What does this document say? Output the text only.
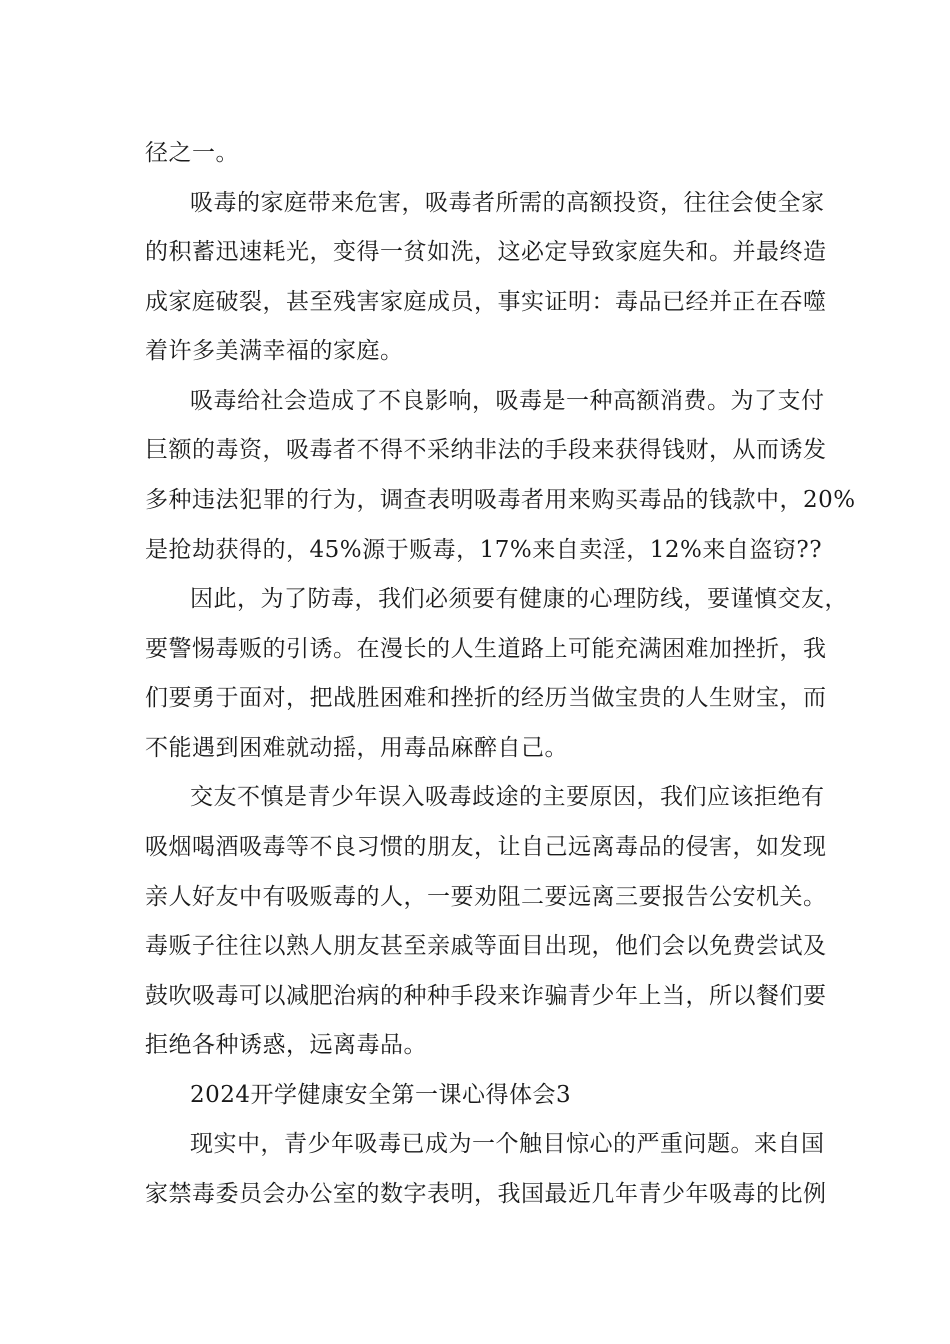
径之一。
吸毒的家庭带来危害，吸毒者所需的高额投资，往往会使全家
的积蓄迅速耗光，变得一贫如洗，这必定导致家庭失和。并最终造
成家庭破裂，甚至残害家庭成员，事实证明：毒品已经并正在吞噬
着许多美满幸福的家庭。
吸毒给社会造成了不良影响，吸毒是一种高额消费。为了支付
巨额的毒资，吸毒者不得不采纳非法的手段来获得钱财，从而诱发
多种违法犯罪的行为，调查表明吸毒者用来购买毒品的钱款中，20%
是抢劫获得的，45%源于贩毒，17%来自卖淫，12%来自盗窃??
因此，为了防毒，我们必须要有健康的心理防线，要谨慎交友，
要警惕毒贩的引诱。在漫长的人生道路上可能充满困难加挫折，我
们要勇于面对，把战胜困难和挫折的经历当做宝贵的人生财宝，而
不能遇到困难就动摇，用毒品麻醉自己。
交友不慎是青少年误入吸毒歧途的主要原因，我们应该拒绝有
吸烟喝酒吸毒等不良习惯的朋友，让自己远离毒品的侵害，如发现
亲人好友中有吸贩毒的人，一要劝阻二要远离三要报告公安机关。
毒贩子往往以熟人朋友甚至亲戚等面目出现，他们会以免费尝试及
鼓吹吸毒可以减肥治病的种种手段来诈骗青少年上当，所以餐们要
拒绝各种诱惑，远离毒品。
2024开学健康安全第一课心得体会3
现实中，青少年吸毒已成为一个触目惊心的严重问题。来自国
家禁毒委员会办公室的数字表明，我国最近几年青少年吸毒的比例
